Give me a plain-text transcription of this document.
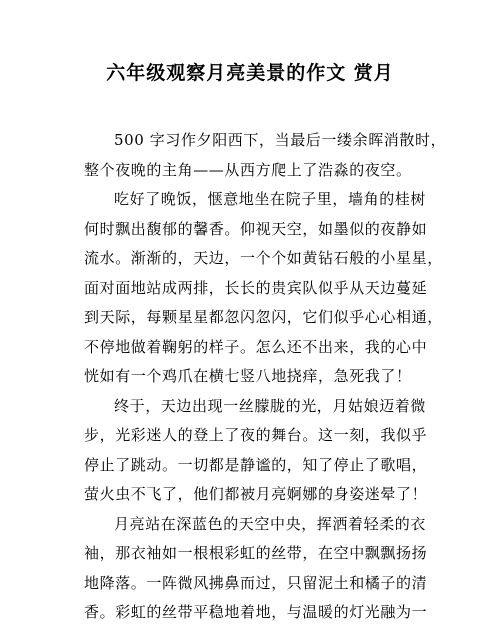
六年级观察月亮美景的作文 赏月
500 字习作夕阳西下，当最后一缕余晖消散时，
整个夜晚的主角——从西方爬上了浩淼的夜空。
吃好了晚饭，惬意地坐在院子里，墙角的桂树
何时飘出馥郁的馨香。仰视天空，如墨似的夜静如
流水。渐渐的，天边，一个个如黄钻石般的小星星，
面对面地站成两排，长长的贵宾队似乎从天边蔓延
到天际，每颗星星都忽闪忽闪，它们似乎心心相通，
不停地做着鞠躬的样子。怎么还不出来，我的心中
恍如有一个鸡爪在横七竖八地挠痒，急死我了！
终于，天边出现一丝朦胧的光，月姑娘迈着微
步，光彩迷人的登上了夜的舞台。这一刻，我似乎
停止了跳动。一切都是静谧的，知了停止了歌唱，
萤火虫不飞了，他们都被月亮婀娜的身姿迷晕了！
月亮站在深蓝色的天空中央，挥洒着轻柔的衣
袖，那衣袖如一根根彩虹的丝带，在空中飘飘扬扬
地降落。一阵微风拂鼻而过，只留泥土和橘子的清
香。彩虹的丝带平稳地着地，与温暖的灯光融为一
